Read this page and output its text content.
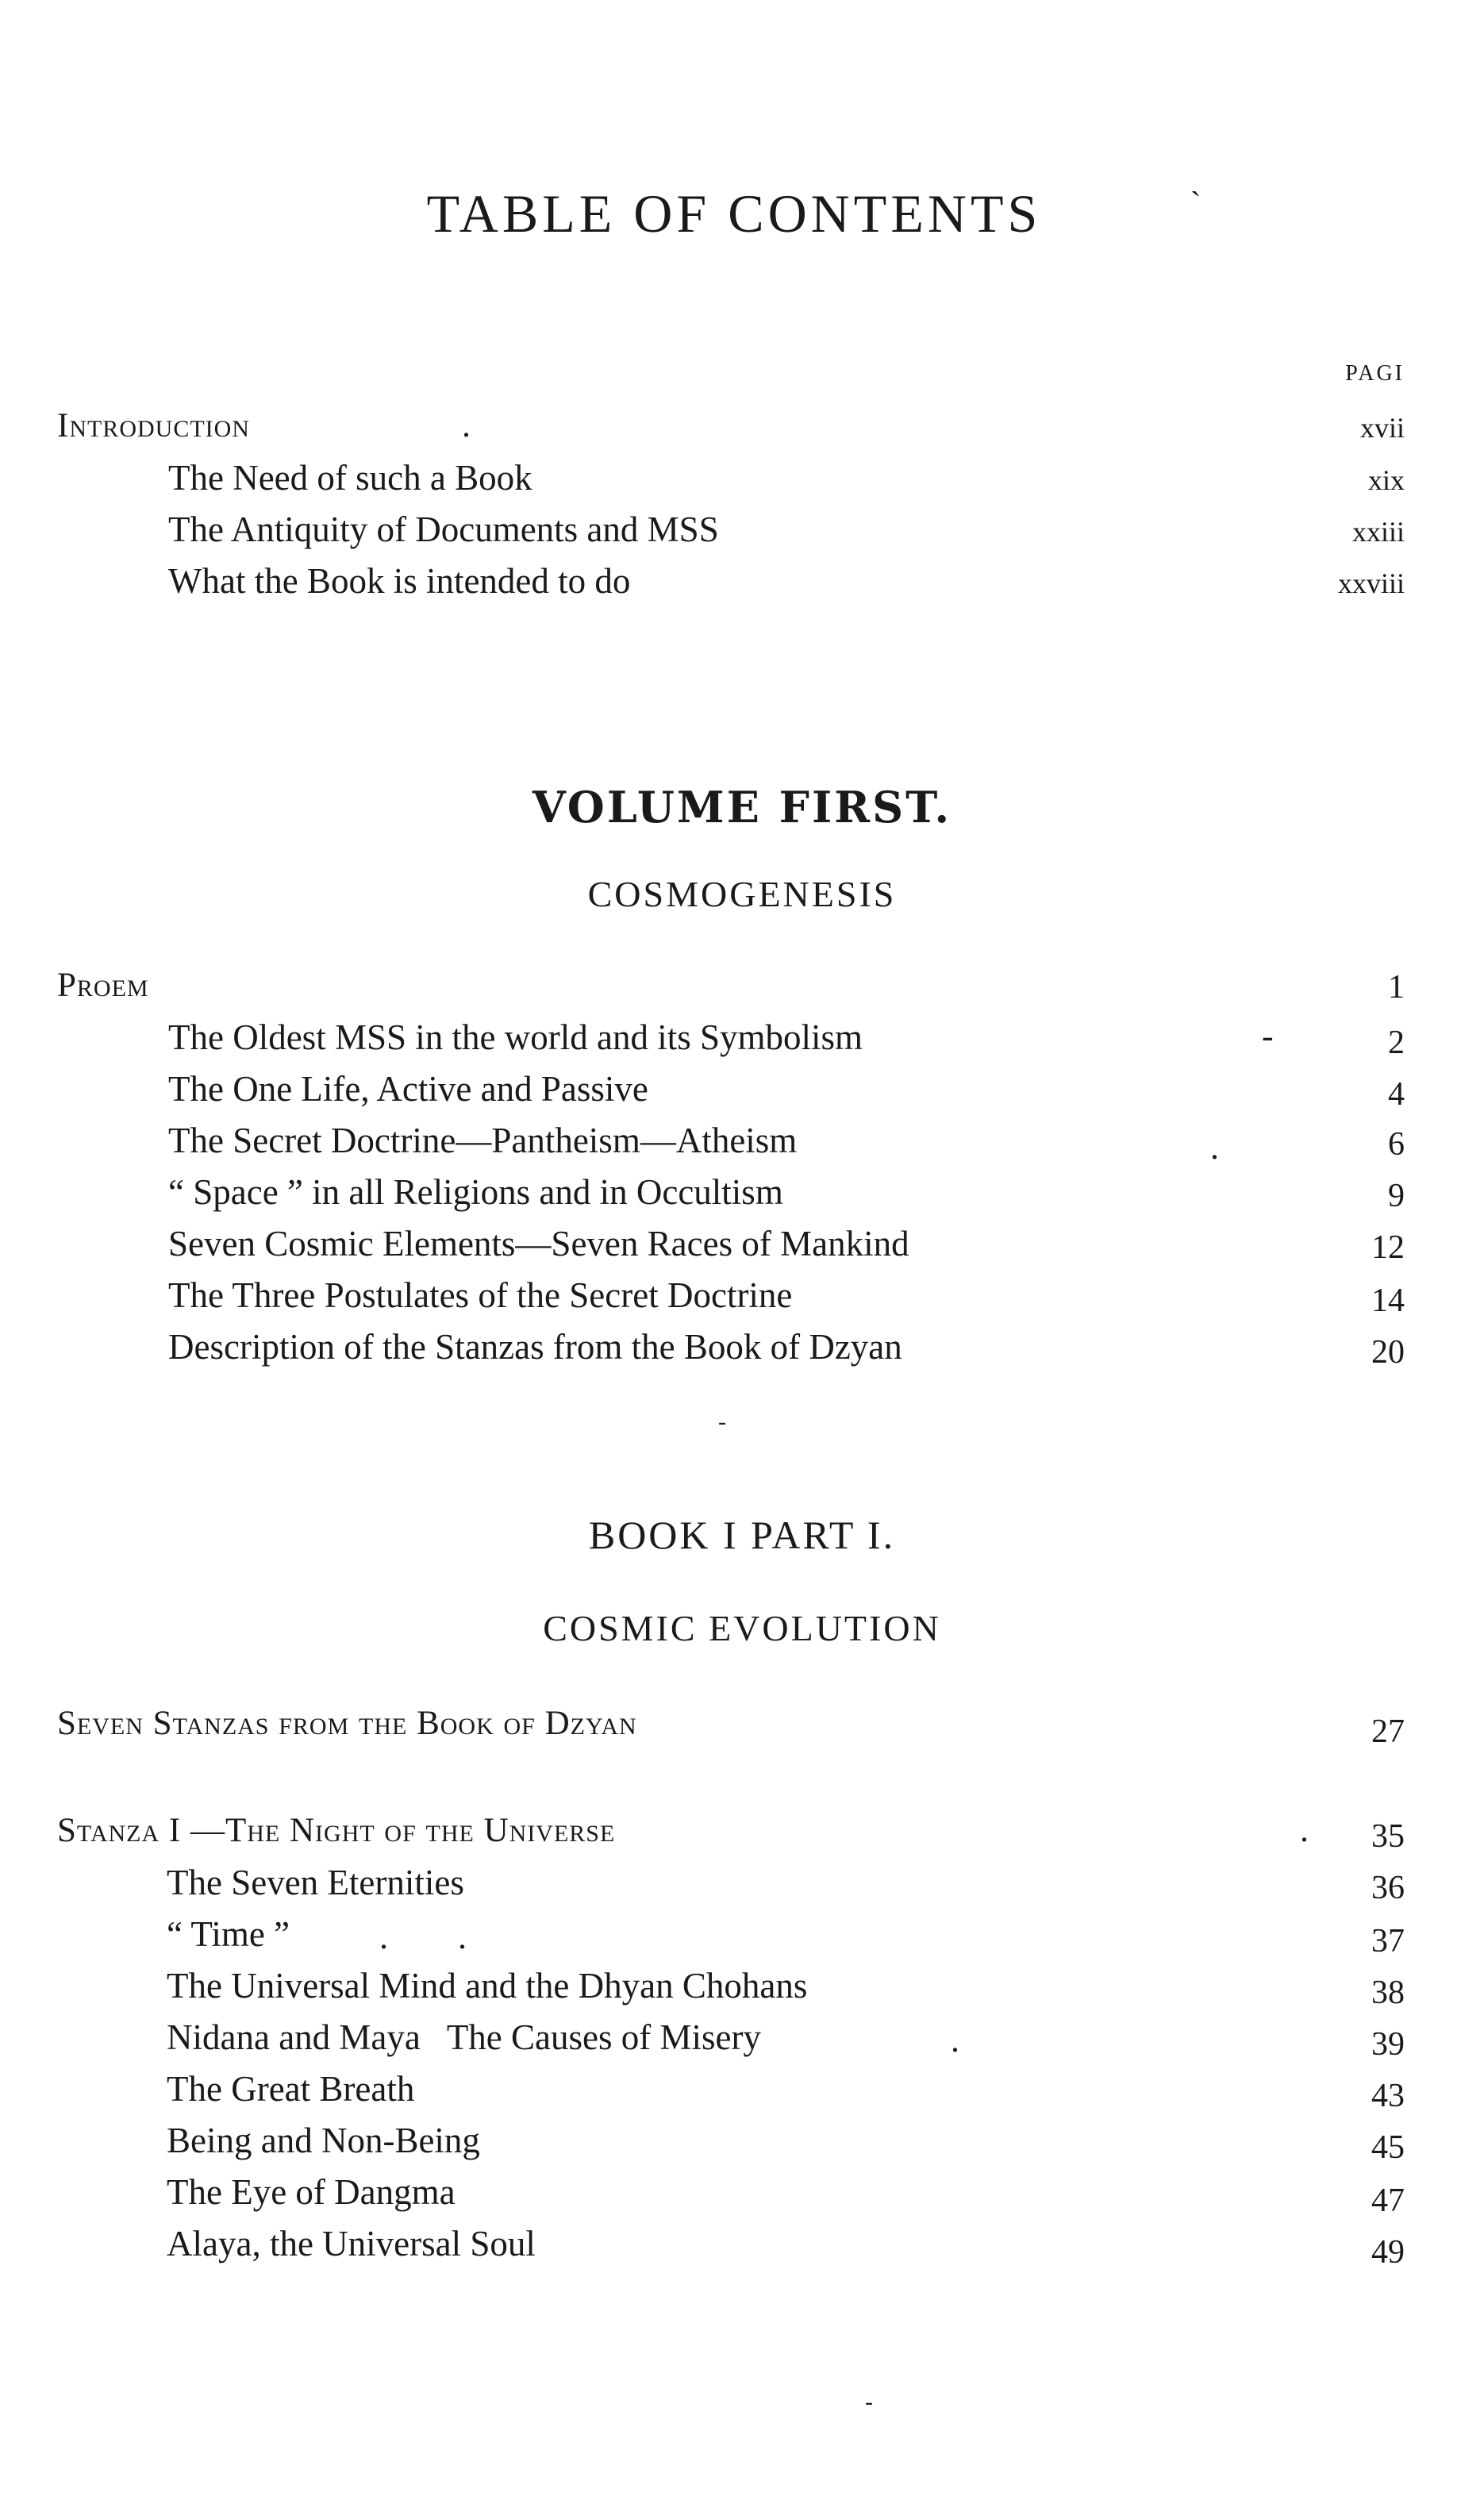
TABLE OF CONTENTS	`
PAGI
Introduction	.	xvii
The Need of such a Book	xix
The Antiquity of Documents and MSS	xxiii
What the Book is intended to do	xxviii
VOLUME FIRST.
COSMOGENESIS
Proem	1
The Oldest MSS in the world and its Symbolism	-	2
The One Life, Active and Passive	4
The Secret Doctrine—Pantheism—Atheism	.	6
“ Space ” in all Religions and in Occultism	9
Seven Cosmic Elements—Seven Races of Mankind	12
The Three Postulates of the Secret Doctrine	14
Description of the Stanzas from the Book of Dzyan	20
-
BOOK I PART I.
COSMIC EVOLUTION
Seven Stanzas from the Book of Dzyan	27
Stanza I —The Night of the Universe	. 35
The Seven Eternities	36
“ Time ”	.        .	37
The Universal Mind and the Dhyan Chohans	38
Nidana and Maya   The Causes of Misery	.	39
The Great Breath	43
Being and Non-Being	45
The Eye of Dangma	47
Alaya, the Universal Soul	49
-
